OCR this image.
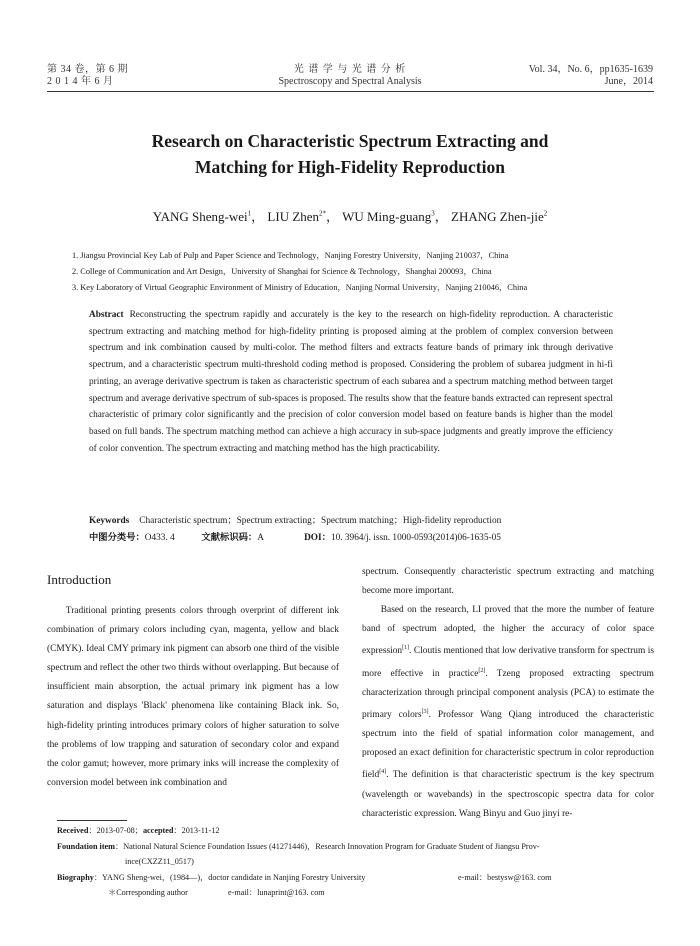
第 34 卷，第 6 期
2 0 1 4 年 6 月
光 谱 学 与 光 谱 分 析
Spectroscopy and Spectral Analysis
Vol. 34，No. 6，pp1635-1639
June，2014
Research on Characteristic Spectrum Extracting and
Matching for High-Fidelity Reproduction
YANG Sheng-wei$^1$， LIU Zhen$^{2*}$， WU Ming-guang$^3$， ZHANG Zhen-jie$^2$
1. Jiangsu Provincial Key Lab of Pulp and Paper Science and Technology，Nanjing Forestry University，Nanjing 210037，China
2. College of Communication and Art Design，University of Shanghai for Science & Technology，Shanghai 200093，China
3. Key Laboratory of Virtual Geographic Environment of Ministry of Education，Nanjing Normal University，Nanjing 210046，China
Abstract Reconstructing the spectrum rapidly and accurately is the key to the research on high-fidelity reproduction. A characteristic spectrum extracting and matching method for high-fidelity printing is proposed aiming at the problem of complex conversion between spectrum and ink combination caused by multi-color. The method filters and extracts feature bands of primary ink through derivative spectrum, and a characteristic spectrum multi-threshold coding method is proposed. Considering the problem of subarea judgment in hi-fi printing, an average derivative spectrum is taken as characteristic spectrum of each subarea and a spectrum matching method between target spectrum and average derivative spectrum of sub-spaces is proposed. The results show that the feature bands extracted can represent spectral characteristic of primary color significantly and the precision of color conversion model based on feature bands is higher than the model based on full bands. The spectrum matching method can achieve a high accuracy in sub-space judgments and greatly improve the efficiency of color convention. The spectrum extracting and matching method has the high practicability.
Keywords Characteristic spectrum；Spectrum extracting；Spectrum matching；High-fidelity reproduction
中图分类号：O433. 4	文献标识码：A	DOI：10. 3964/j. issn. 1000-0593(2014)06-1635-05
Introduction

Traditional printing presents colors through overprint of different ink combination of primary colors including cyan, magenta, yellow and black (CMYK). Ideal CMY primary ink pigment can absorb one third of the visible spectrum and reflect the other two thirds without overlapping. But because of insufficient main absorption, the actual primary ink pigment has a low saturation and displays 'Black' phenomena like containing Black ink. So, high-fidelity printing introduces primary colors of higher saturation to solve the problems of low trapping and saturation of secondary color and expand the color gamut; however, more primary inks will increase the complexity of conversion model between ink combination and

spectrum. Consequently characteristic spectrum extracting and matching become more important.

Based on the research, LI proved that the more the number of feature band of spectrum adopted, the higher the accuracy of color space expression[1]. Cloutis mentioned that low derivative transform for spectrum is more effective in practice[2]. Tzeng proposed extracting spectrum characterization through principal component analysis (PCA) to estimate the primary colors[3]. Professor Wang Qiang introduced the characteristic spectrum into the field of spatial information color management, and proposed an exact definition for characteristic spectrum in color reproduction field[4]. The definition is that characteristic spectrum is the key spectrum (wavelength or wavebands) in the spectroscopic spectra data for color characteristic expression. Wang Binyu and Guo jinyi re-

Received：2013-07-08；accepted：2013-11-12
Foundation item：National Natural Science Foundation Issues (41271446)，Research Innovation Program for Graduate Student of Jiangsu Prov-
ince(CXZZ11_0517)
Biography：YANG Sheng-wei，(1984—)，doctor candidate in Nanjing Forestry University	e-mail：bestysw@163. com
＊Corresponding author	e-mail：lunaprint@163. com
